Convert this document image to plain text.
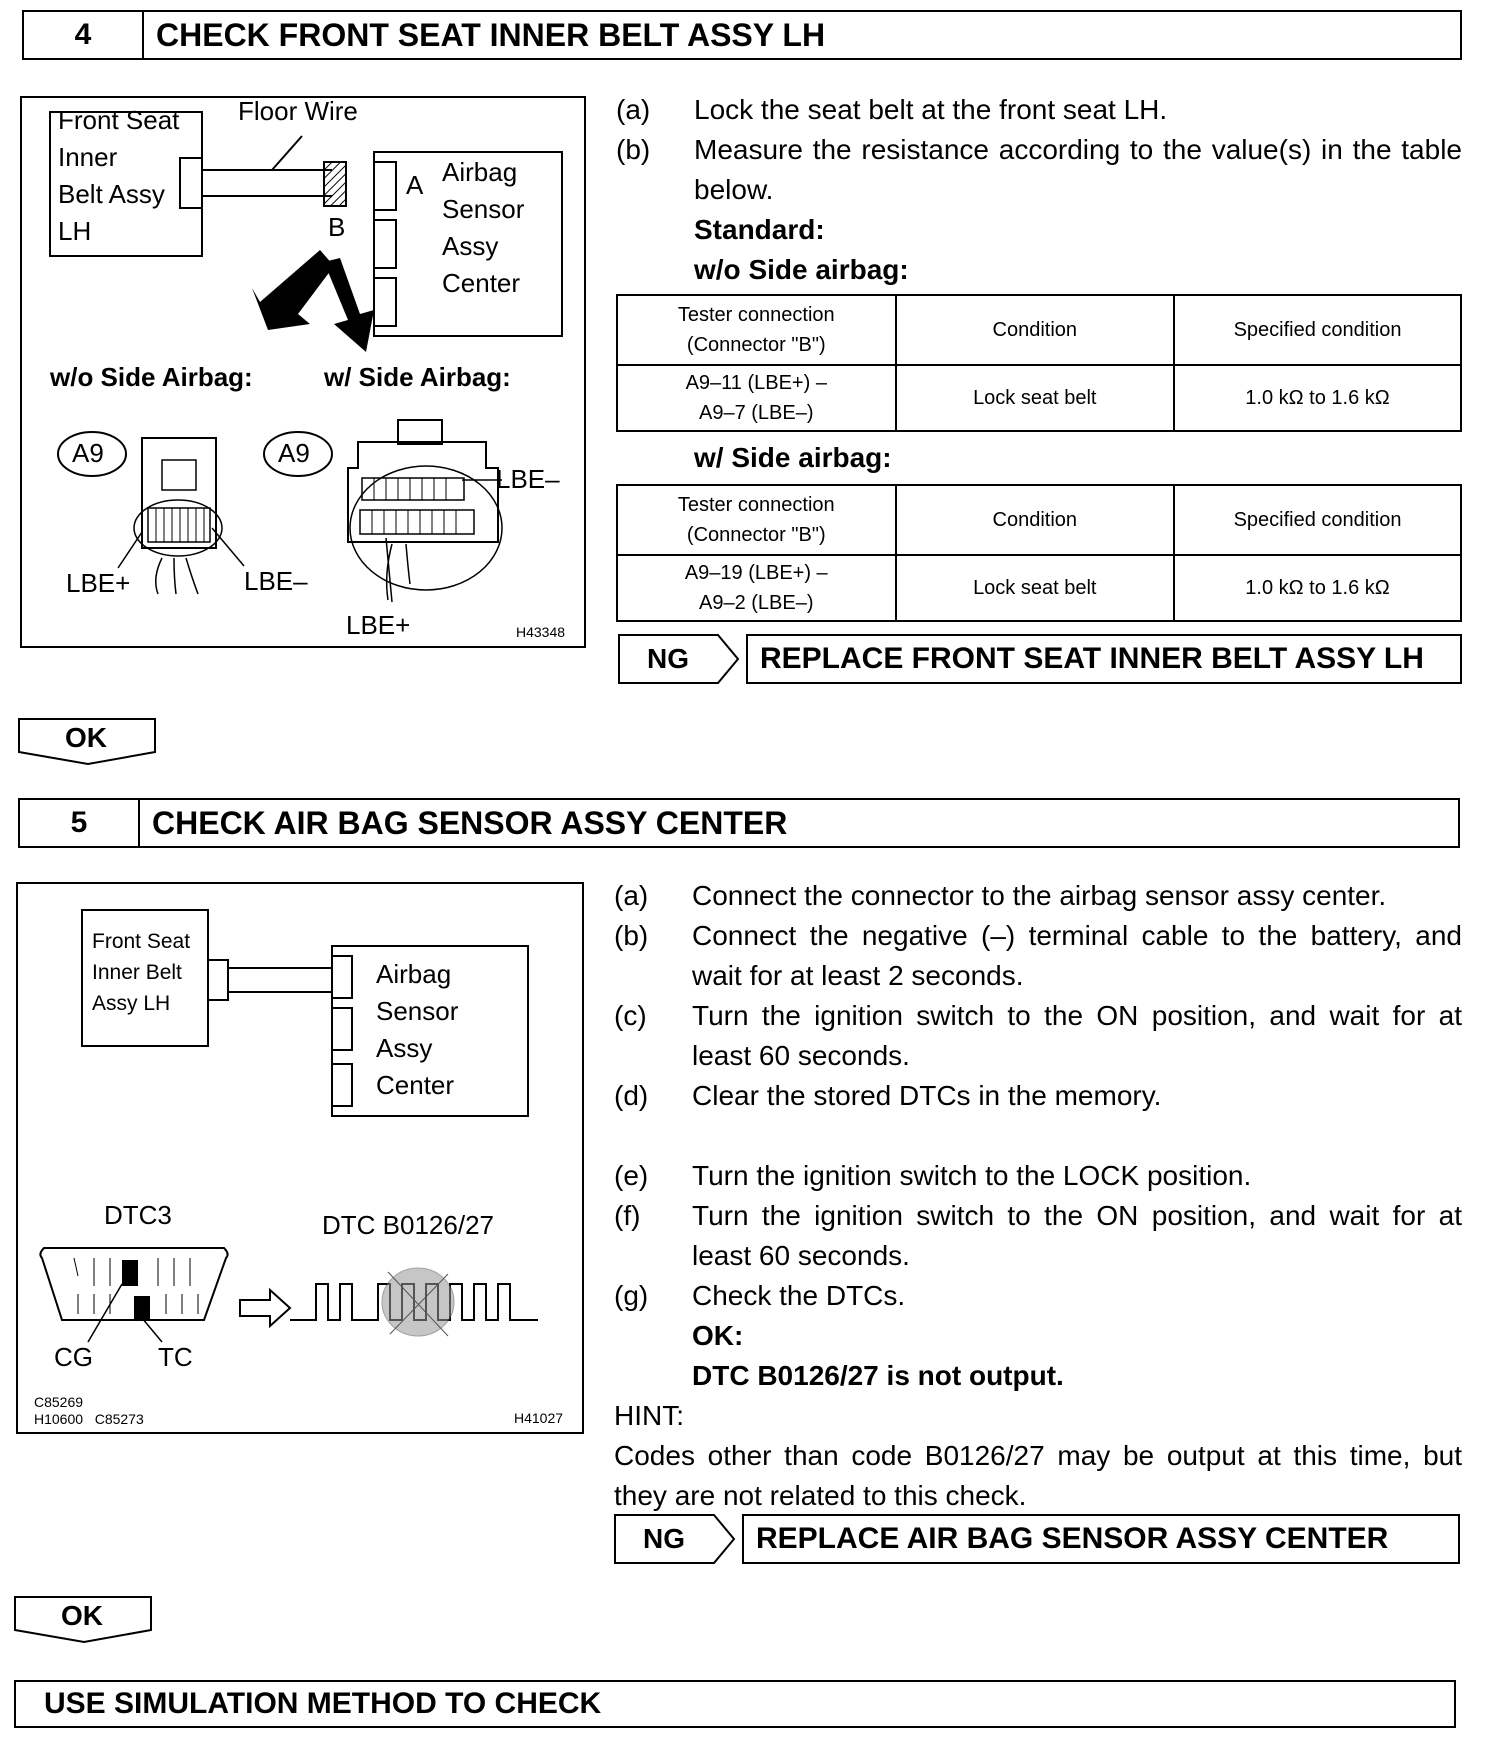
4	CHECK FRONT SEAT INNER BELT ASSY LH
Front Seat
Inner
Belt Assy
LH
Floor Wire
A
B
Airbag
Sensor
Assy
Center
w/o Side Airbag:	w/ Side Airbag:
A9	A9
LBE+	LBE–
LBE–
LBE+	H43348
(a)	Lock the seat belt at the front seat LH.
(b)	Measure the resistance according to the value(s) in the table below.
Standard:
w/o Side airbag:
Tester connection
(Connector "B")	Condition	Specified condition
A9–11 (LBE+) –
A9–7 (LBE–)	Lock seat belt	1.0 kΩ to 1.6 kΩ
w/ Side airbag:
Tester connection
(Connector "B")	Condition	Specified condition
A9–19 (LBE+) –
A9–2 (LBE–)	Lock seat belt	1.0 kΩ to 1.6 kΩ
NG	REPLACE FRONT SEAT INNER BELT ASSY LH
OK
5	CHECK AIR BAG SENSOR ASSY CENTER
Front Seat
Inner Belt
Assy LH
Airbag
Sensor
Assy
Center
DTC3	DTC B0126/27
CG	TC
C85269
H10600   C85273	H41027
(a)	Connect the connector to the airbag sensor assy center.
(b)	Connect the negative (–) terminal cable to the battery, and wait for at least 2 seconds.
(c)	Turn the ignition switch to the ON position, and wait for at least 60 seconds.
(d)	Clear the stored DTCs in the memory.
(e)	Turn the ignition switch to the LOCK position.
(f)	Turn the ignition switch to the ON position, and wait for at least 60 seconds.
(g)	Check the DTCs.
OK:
DTC B0126/27 is not output.
HINT:
Codes other than code B0126/27 may be output at this time, but they are not related to this check.
NG	REPLACE AIR BAG SENSOR ASSY CENTER
OK
USE SIMULATION METHOD TO CHECK
